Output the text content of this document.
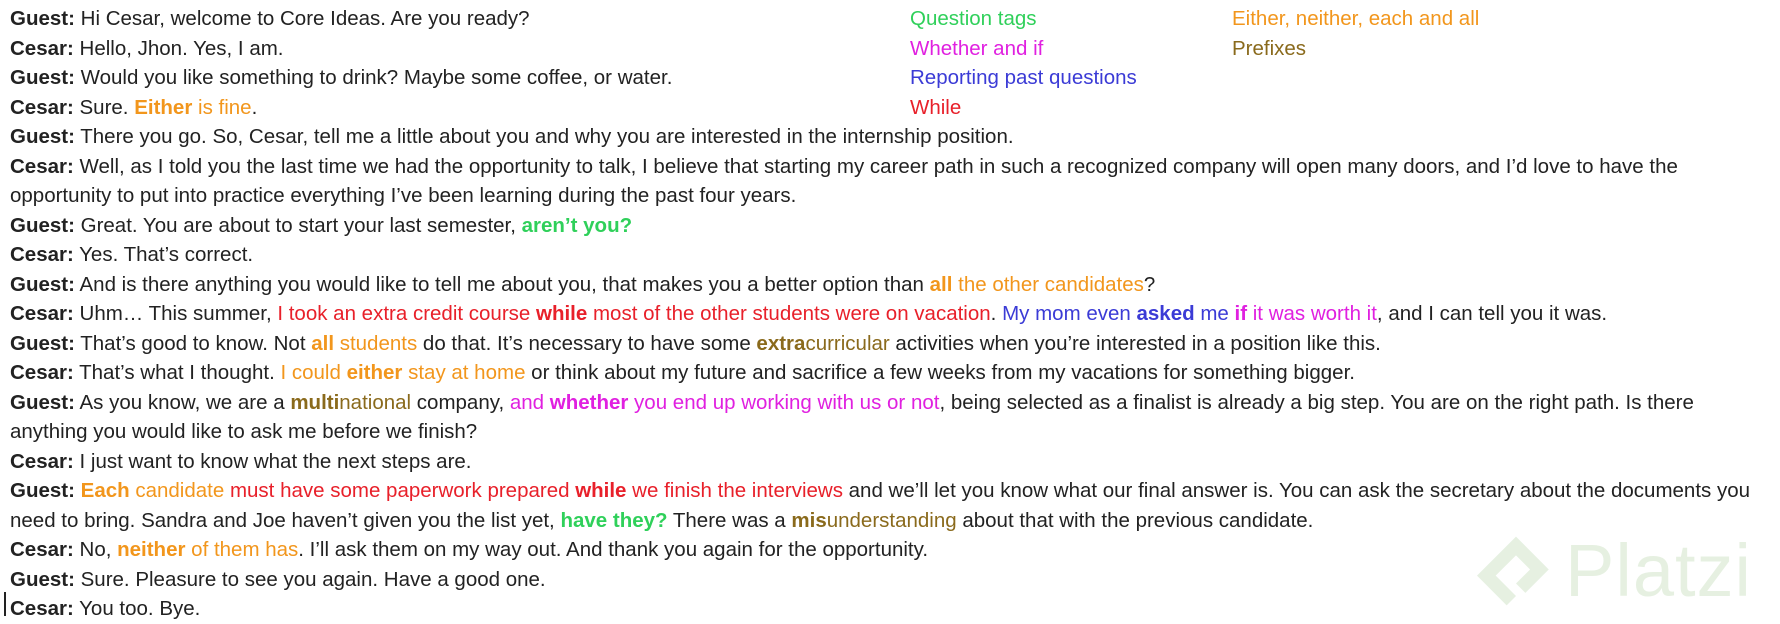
Guest: Hi Cesar, welcome to Core Ideas. Are you ready?
Cesar: Hello, Jhon. Yes, I am.
Guest: Would you like something to drink? Maybe some coffee, or water.
Cesar: Sure. Either is fine.
Guest: There you go. So, Cesar, tell me a little about you and why you are interested in the internship position.
Cesar: Well, as I told you the last time we had the opportunity to talk, I believe that starting my career path in such a recognized company will open many doors, and I’d love to have the opportunity to put into practice everything I’ve been learning during the past four years.
Guest: Great. You are about to start your last semester, aren’t you?
Cesar: Yes. That’s correct.
Guest: And is there anything you would like to tell me about you, that makes you a better option than all the other candidates?
Cesar: Uhm… This summer, I took an extra credit course while most of the other students were on vacation. My mom even asked me if it was worth it, and I can tell you it was.
Guest: That’s good to know. Not all students do that. It’s necessary to have some extracurricular activities when you’re interested in a position like this.
Cesar: That’s what I thought. I could either stay at home or think about my future and sacrifice a few weeks from my vacations for something bigger.
Guest: As you know, we are a multinational company, and whether you end up working with us or not, being selected as a finalist is already a big step. You are on the right path. Is there anything you would like to ask me before we finish?
Cesar: I just want to know what the next steps are.
Guest: Each candidate must have some paperwork prepared while we finish the interviews and we’ll let you know what our final answer is. You can ask the secretary about the documents you need to bring. Sandra and Joe haven’t given you the list yet, have they? There was a misunderstanding about that with the previous candidate.
Cesar: No, neither of them has. I’ll ask them on my way out. And thank you again for the opportunity.
Guest: Sure. Pleasure to see you again. Have a good one.
Cesar: You too. Bye.
Question tags
Whether and if
Reporting past questions
While
Either, neither, each and all
Prefixes
Platzi
